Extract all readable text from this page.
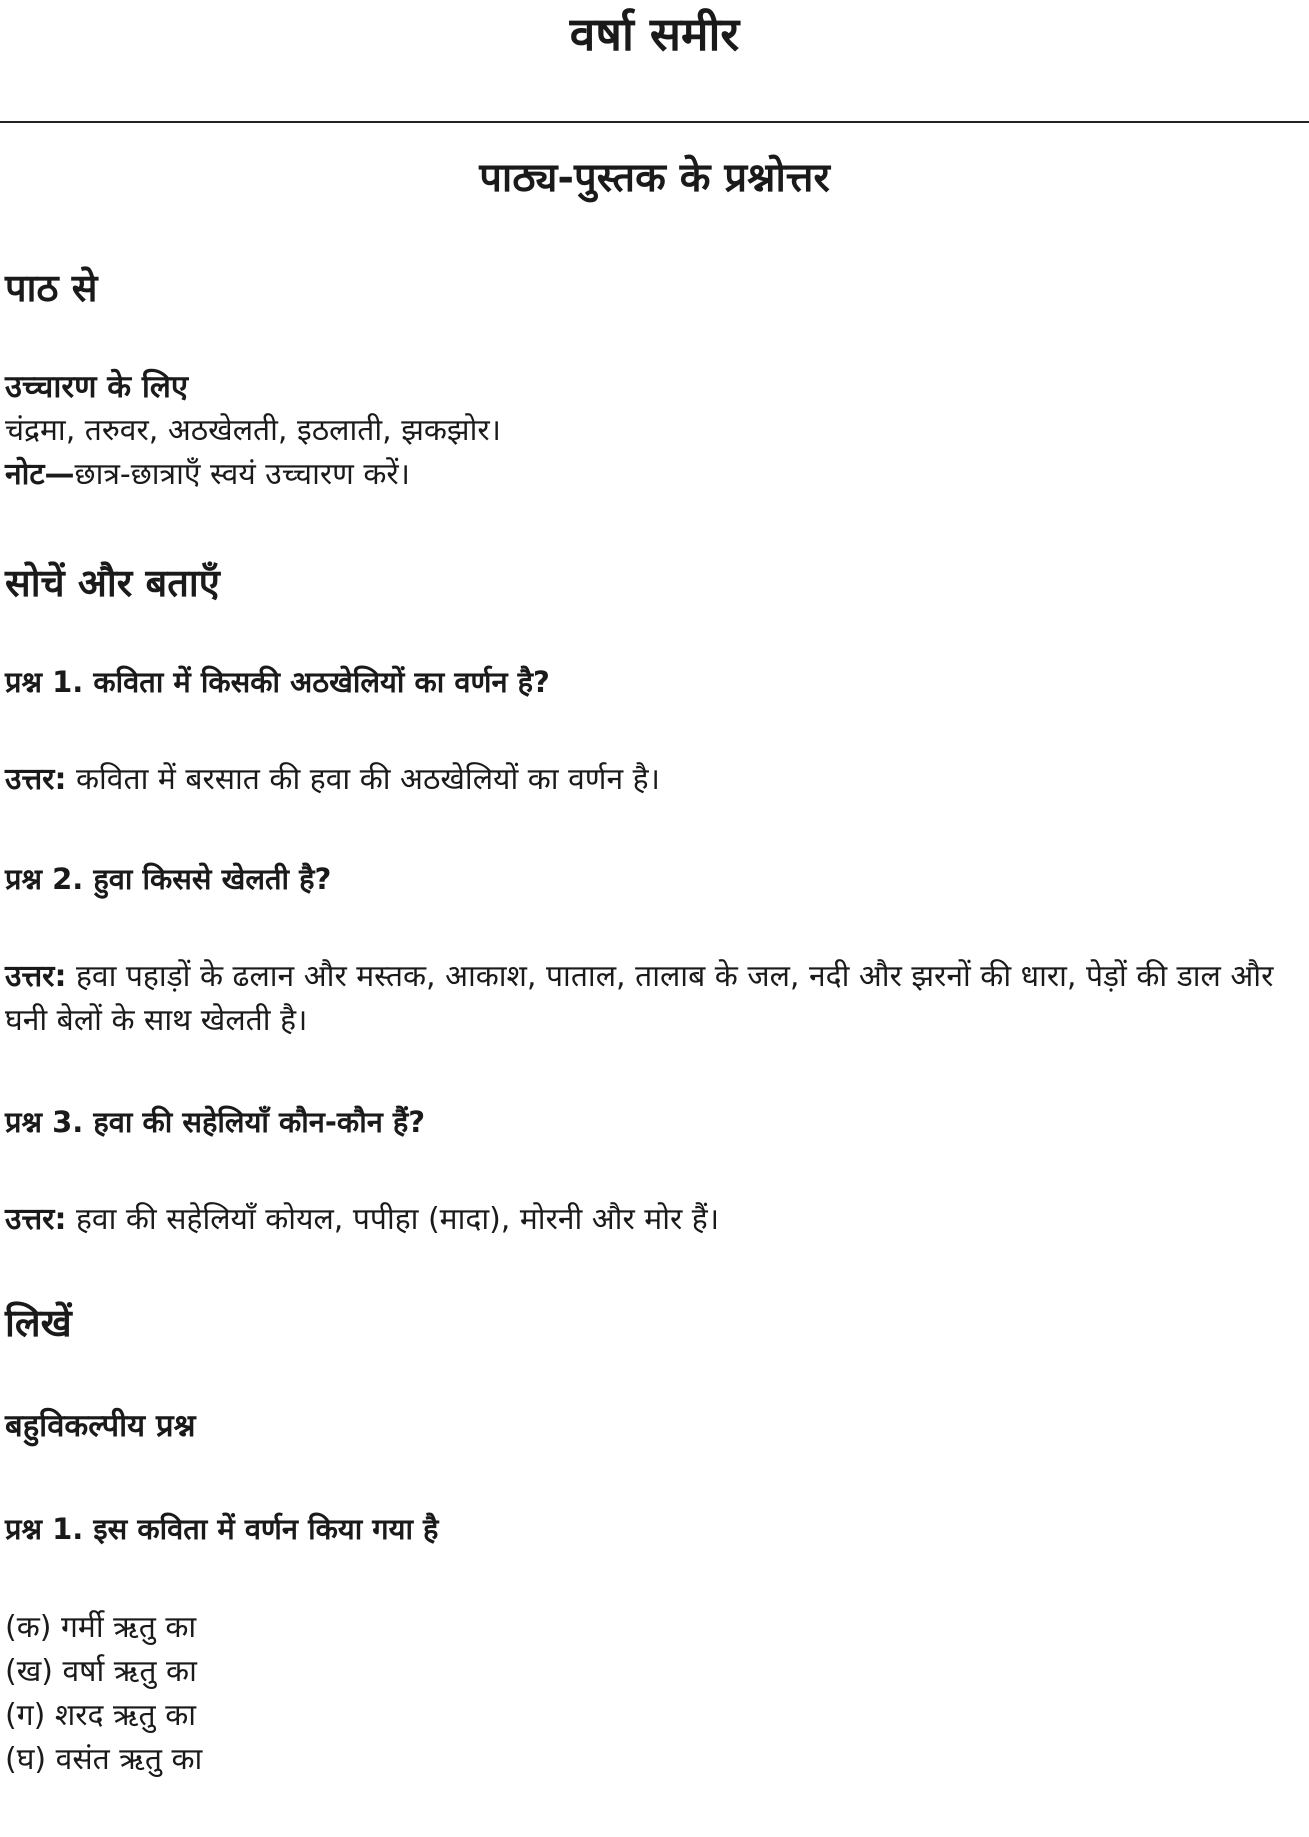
वर्षा समीर
पाठ्य-पुस्तक के प्रश्नोत्तर
पाठ से
उच्चारण के लिए
चंद्रमा, तरुवर, अठखेलती, इठलाती, झकझोर।
नोट—छात्र-छात्राएँ स्वयं उच्चारण करें।
सोचें और बताएँ

प्रश्न 1. कविता में किसकी अठखेलियों का वर्णन है?

उत्तर: कविता में बरसात की हवा की अठखेलियों का वर्णन है।

प्रश्न 2. हुवा किससे खेलती है?

उत्तर: हवा पहाड़ों के ढलान और मस्तक, आकाश, पाताल, तालाब के जल, नदी और झरनों की धारा, पेड़ों की डाल और घनी बेलों के साथ खेलती है।

प्रश्न 3. हवा की सहेलियाँ कौन-कौन हैं?

उत्तर: हवा की सहेलियाँ कोयल, पपीहा (मादा), मोरनी और मोर हैं।

लिखें
बहुविकल्पीय प्रश्न

प्रश्न 1. इस कविता में वर्णन किया गया है

(क) गर्मी ऋतु का
(ख) वर्षा ऋतु का
(ग) शरद ऋतु का
(घ) वसंत ऋतु का
